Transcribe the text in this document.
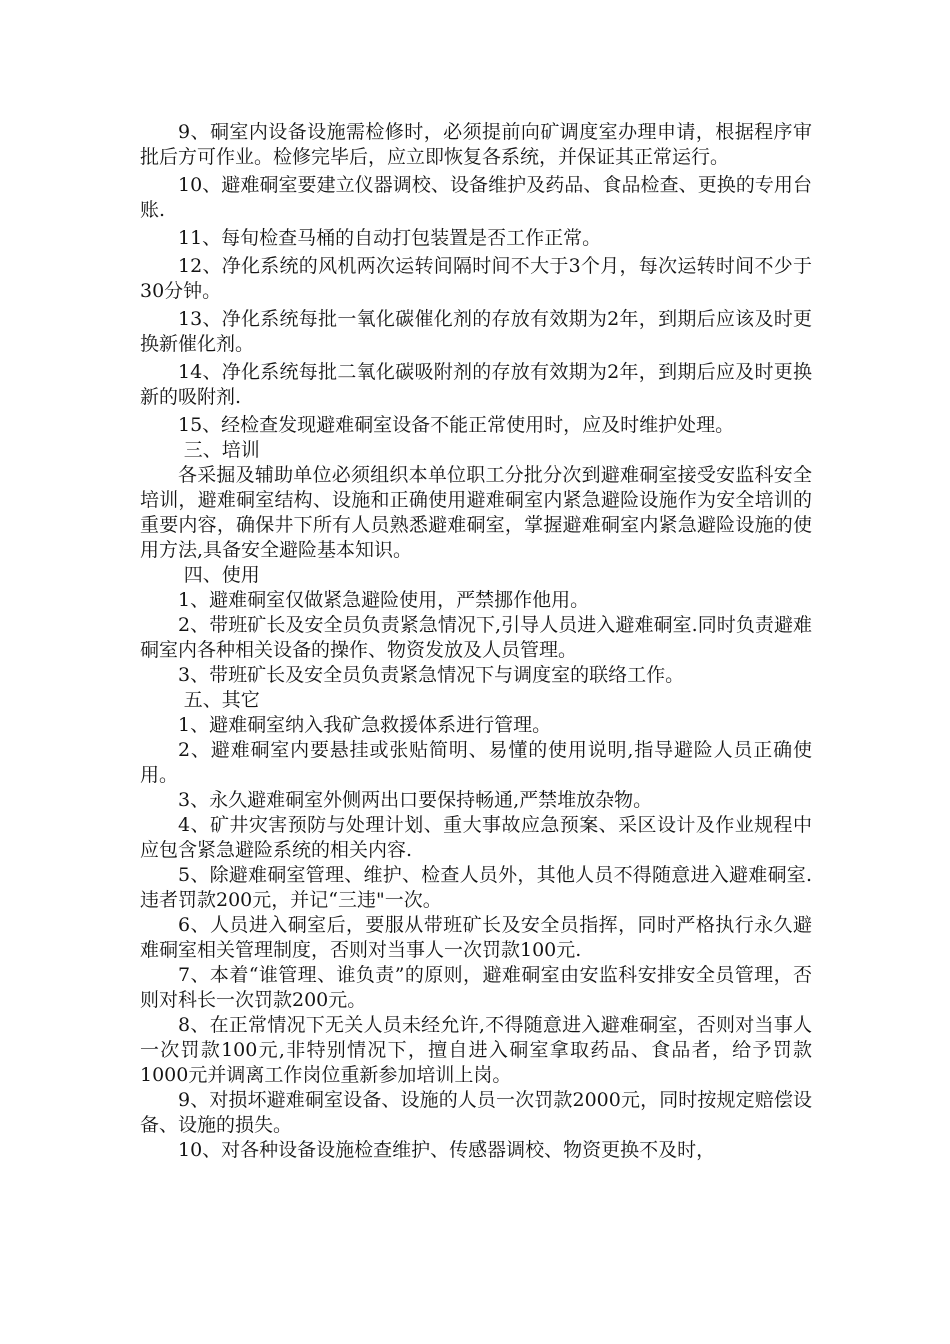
9、硐室内设备设施需检修时，必须提前向矿调度室办理申请，根据程序审批后方可作业。检修完毕后，应立即恢复各系统，并保证其正常运行。

10、避难硐室要建立仪器调校、设备维护及药品、食品检查、更换的专用台账.

11、每旬检查马桶的自动打包装置是否工作正常。

12、净化系统的风机两次运转间隔时间不大于3个月，每次运转时间不少于30分钟。

13、净化系统每批一氧化碳催化剂的存放有效期为2年，到期后应该及时更换新催化剂。

14、净化系统每批二氧化碳吸附剂的存放有效期为2年，到期后应及时更换新的吸附剂.

15、经检查发现避难硐室设备不能正常使用时，应及时维护处理。

三、培训

各采掘及辅助单位必须组织本单位职工分批分次到避难硐室接受安监科安全培训，避难硐室结构、设施和正确使用避难硐室内紧急避险设施作为安全培训的重要内容，确保井下所有人员熟悉避难硐室，掌握避难硐室内紧急避险设施的使用方法,具备安全避险基本知识。

四、使用

1、避难硐室仅做紧急避险使用，严禁挪作他用。

2、带班矿长及安全员负责紧急情况下,引导人员进入避难硐室.同时负责避难硐室内各种相关设备的操作、物资发放及人员管理。

3、带班矿长及安全员负责紧急情况下与调度室的联络工作。

五、其它

1、避难硐室纳入我矿急救援体系进行管理。

2、避难硐室内要悬挂或张贴简明、易懂的使用说明,指导避险人员正确使用。

3、永久避难硐室外侧两出口要保持畅通,严禁堆放杂物。

4、矿井灾害预防与处理计划、重大事故应急预案、采区设计及作业规程中应包含紧急避险系统的相关内容.

5、除避难硐室管理、维护、检查人员外，其他人员不得随意进入避难硐室.违者罚款200元，并记“三违"一次。

6、人员进入硐室后，要服从带班矿长及安全员指挥，同时严格执行永久避难硐室相关管理制度，否则对当事人一次罚款100元.

7、本着“谁管理、谁负责”的原则，避难硐室由安监科安排安全员管理，否则对科长一次罚款200元。

8、在正常情况下无关人员未经允许,不得随意进入避难硐室，否则对当事人一次罚款100元,非特别情况下，擅自进入硐室拿取药品、食品者，给予罚款1000元并调离工作岗位重新参加培训上岗。

9、对损坏避难硐室设备、设施的人员一次罚款2000元，同时按规定赔偿设备、设施的损失。

10、对各种设备设施检查维护、传感器调校、物资更换不及时，
